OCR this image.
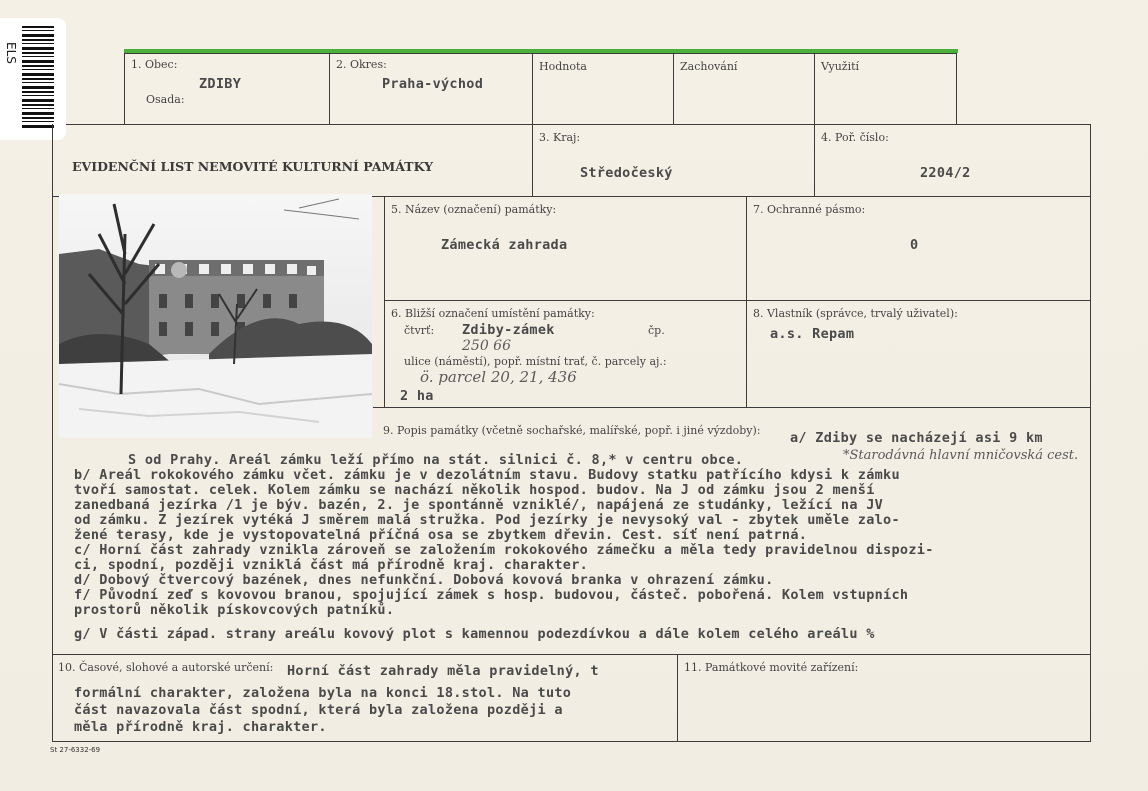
ELS
1. Obec:
ZDIBY
Osada:
2. Okres:
Praha-východ
Hodnota	Zachování	Využití
EVIDENČNÍ LIST NEMOVITÉ KULTURNÍ PAMÁTKY
3. Kraj:
Středočeský
4. Poř. číslo:
2204/2
5. Název (označení) památky:
Zámecká zahrada
7. Ochranné pásmo:
0
6. Bližší označení umístění památky:
čtvrť: Zdiby-zámek	čp.
250 66
ulice (náměstí), popř. místní trať, č. parcely aj.:
ö. parcel 20, 21, 436
2 ha
8. Vlastník (správce, trvalý uživatel):
a.s. Repam
9. Popis památky (včetně sochařské, malířské, popř. i jiné výzdoby): a/ Zdiby se nacházejí asi 9 km
*Starodávná hlavní mničovská cest.
S od Prahy. Areál zámku leží přímo na stát. silnici č. 8,* v centru obce.
b/ Areál rokokového zámku včet. zámku je v dezolátním stavu. Budovy statku patřícího kdysi k zámku
tvoří samostat. celek. Kolem zámku se nachází několik hospod. budov. Na J od zámku jsou 2 menší
zanedbaná jezírka /1 je býv. bazén, 2. je spontánně vzniklé/, napájená ze studánky, ležící na JV
od zámku. Z jezírek vytéká J směrem malá stružka. Pod jezírky je nevysoký val - zbytek uměle zalo-
žené terasy, kde je vystopovatelná příčná osa se zbytkem dřevin. Cest. síť není patrná.
c/ Horní část zahrady vznikla zároveň se založením rokokového zámečku a měla tedy pravidelnou dispozi-
ci, spodní, později vzniklá část má přírodně kraj. charakter.
d/ Dobový čtvercový bazének, dnes nefunkční. Dobová kovová branka v ohrazení zámku.
f/ Původní zeď s kovovou branou, spojující zámek s hosp. budovou, částeč. pobořená. Kolem vstupních
prostorů několik pískovcových patníků.
g/ V části západ. strany areálu kovový plot s kamennou podezdívkou a dále kolem celého areálu %
10. Časové, slohové a autorské určení: Horní část zahrady měla pravidelný, t
formální charakter, založena byla na konci 18.stol. Na tuto
část navazovala část spodní, která byla založena později a
měla přírodně kraj. charakter.
11. Památkové movité zařízení:
St 27-6332-69
